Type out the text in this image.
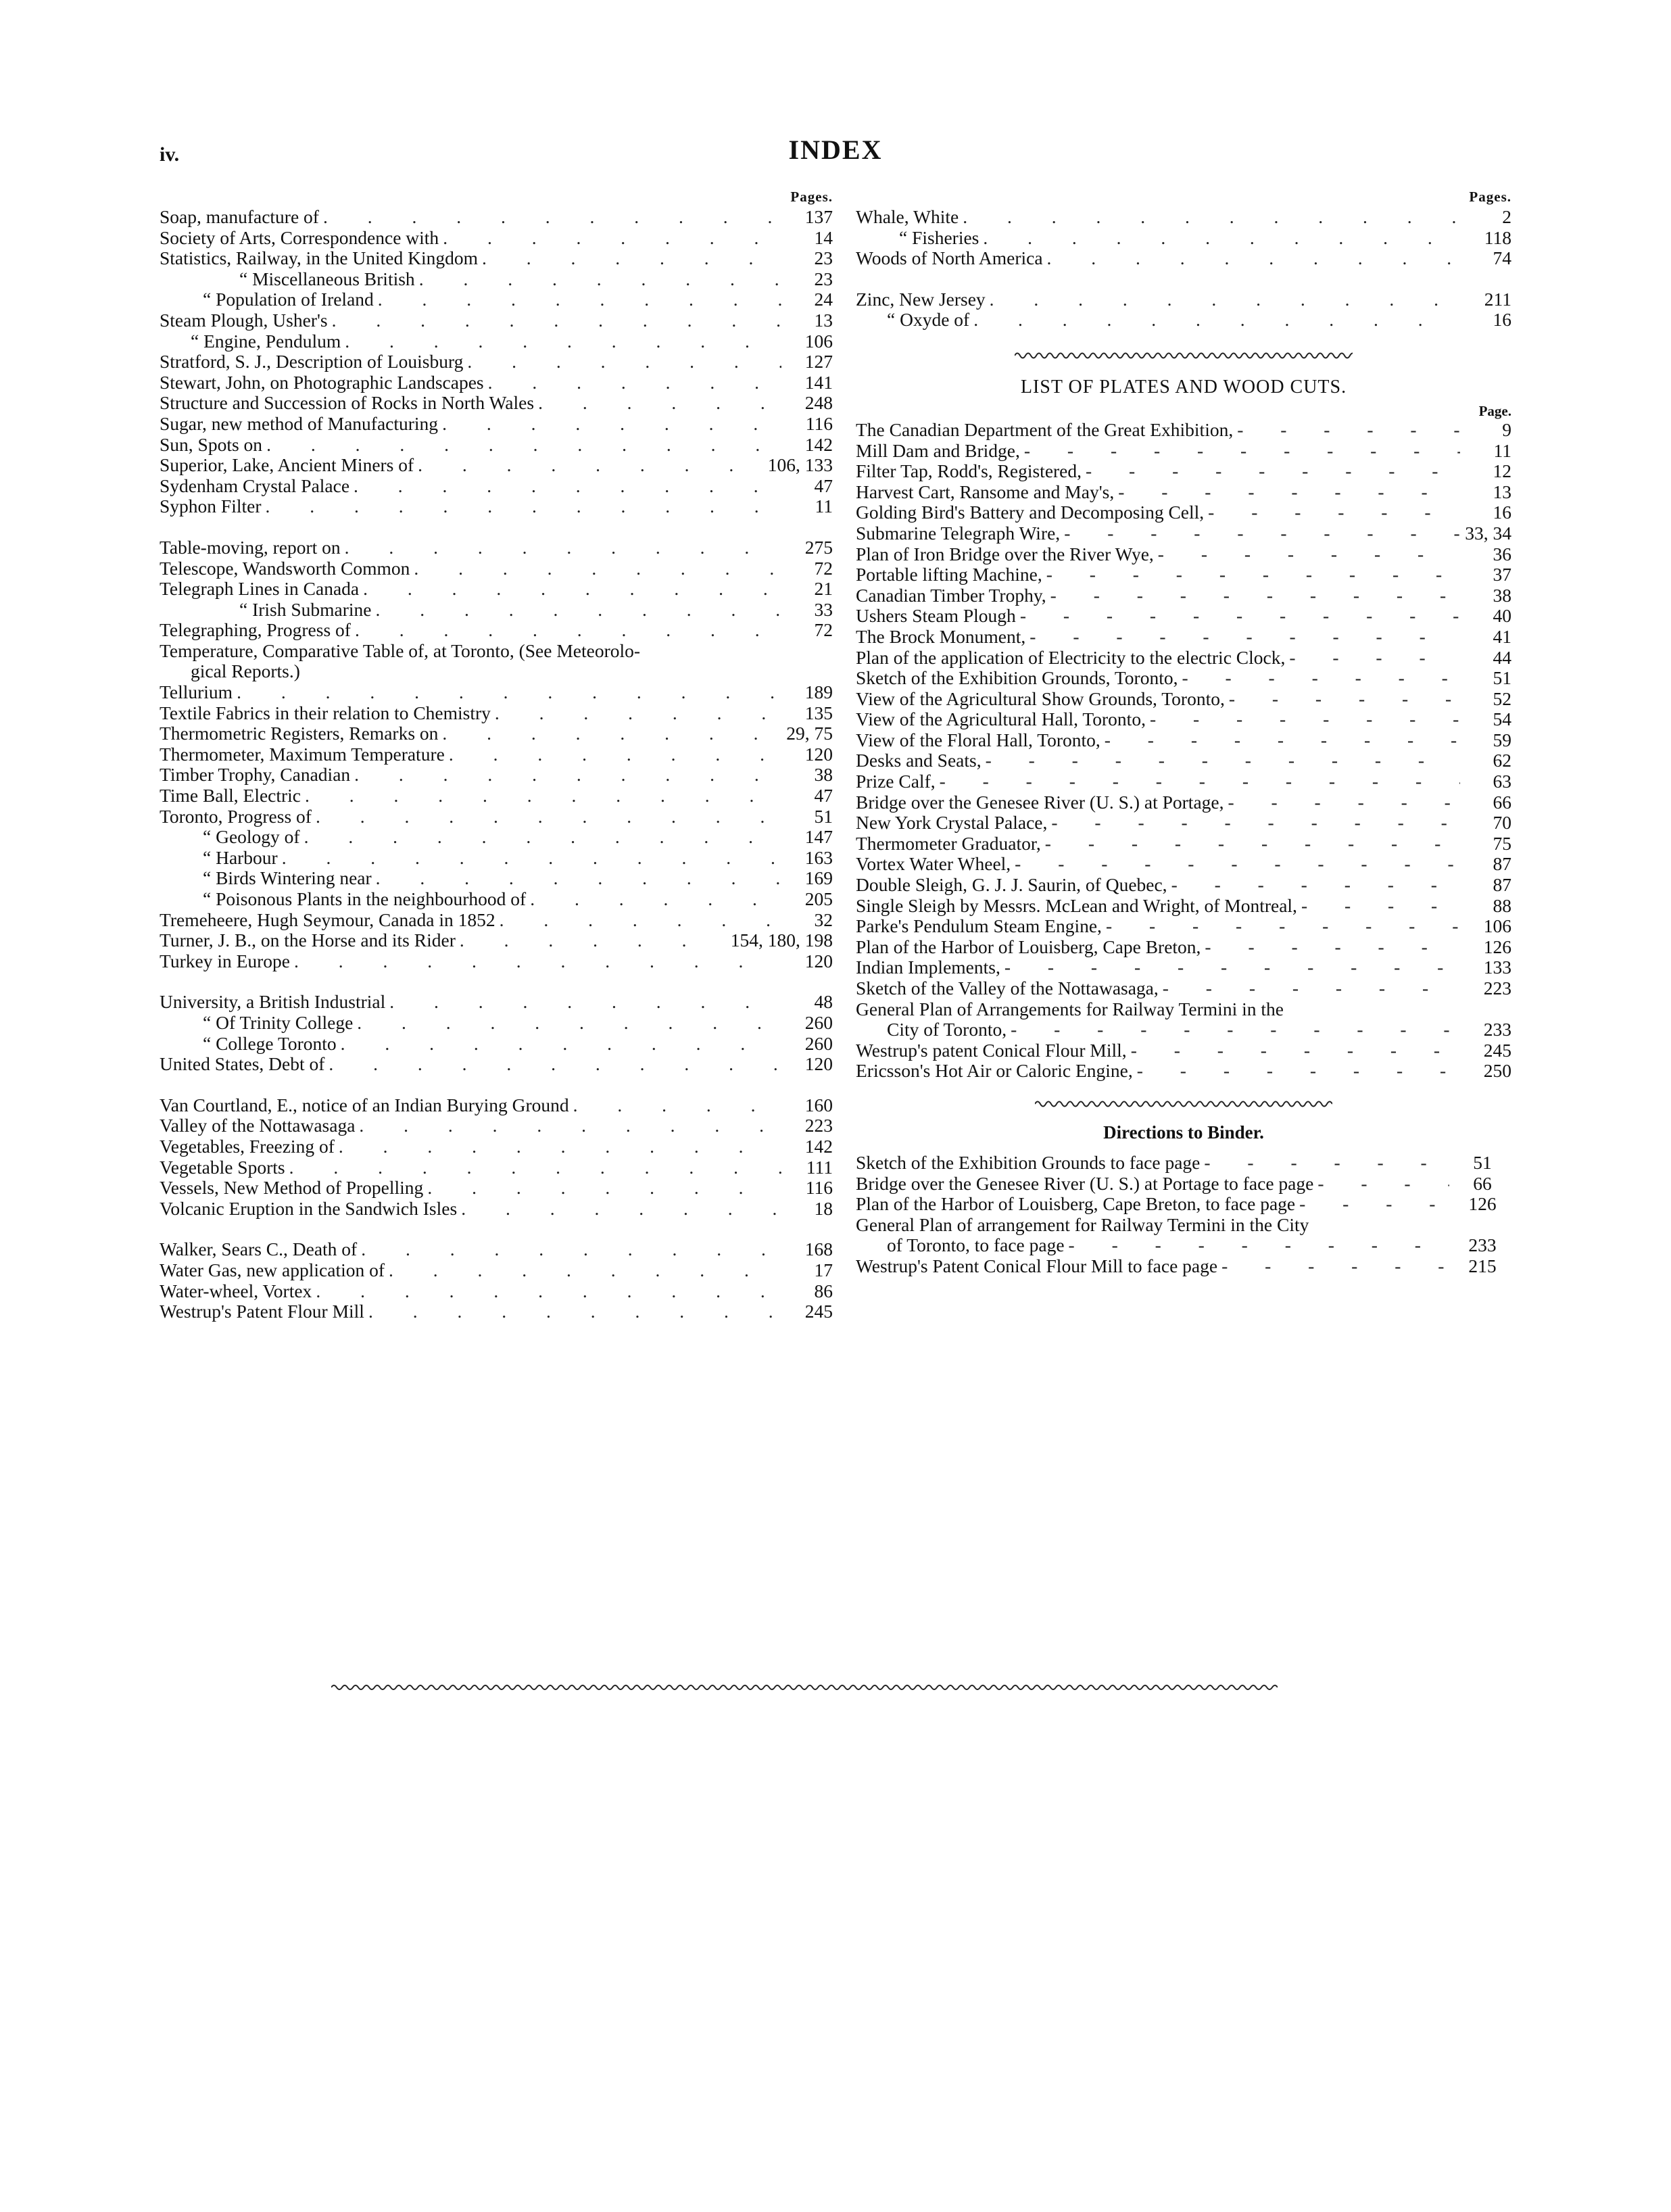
iv.	INDEX
Pages.
Soap, manufacture of . . .	137
Society of Arts, Correspondence with . . .	14
Statistics, Railway, in the United Kingdom . . .	23
“ Miscellaneous British . . .	23
“ Population of Ireland . . .	24
Steam Plough, Usher's . . .	13
“ Engine, Pendulum . . .	106
Stratford, S. J., Description of Louisburg . . .	127
Stewart, John, on Photographic Landscapes . . .	141
Structure and Succession of Rocks in North Wales . . .	248
Sugar, new method of Manufacturing . . .	116
Sun, Spots on . . .	142
Superior, Lake, Ancient Miners of . . .	106, 133
Sydenham Crystal Palace . . .	47
Syphon Filter . . .	11
Table-moving, report on . . .	275
Telescope, Wandsworth Common . . .	72
Telegraph Lines in Canada . . .	21
“ Irish Submarine . . .	33
Telegraphing, Progress of . . .	72
Temperature, Comparative Table of, at Toronto, (See Meteorolo-
gical Reports.)
Tellurium . . .	189
Textile Fabrics in their relation to Chemistry . . .	135
Thermometric Registers, Remarks on . . .	29, 75
Thermometer, Maximum Temperature . . .	120
Timber Trophy, Canadian . . .	38
Time Ball, Electric . . .	47
Toronto, Progress of . . .	51
“ Geology of . . .	147
“ Harbour . . .	163
“ Birds Wintering near . . .	169
“ Poisonous Plants in the neighbourhood of . . .	205
Tremeheere, Hugh Seymour, Canada in 1852 . . .	32
Turner, J. B., on the Horse and its Rider . . .	154, 180, 198
Turkey in Europe . . .	120
University, a British Industrial . . .	48
“ Of Trinity College . . .	260
“ College Toronto . . .	260
United States, Debt of . . .	120
Van Courtland, E., notice of an Indian Burying Ground . . .	160
Valley of the Nottawasaga . . .	223
Vegetables, Freezing of . . .	142
Vegetable Sports . . .	111
Vessels, New Method of Propelling . . .	116
Volcanic Eruption in the Sandwich Isles . . .	18
Walker, Sears C., Death of . . .	168
Water Gas, new application of . . .	17
Water-wheel, Vortex . . .	86
Westrup's Patent Flour Mill . . .	245
Pages.
Whale, White . . .	2
“ Fisheries . . .	118
Woods of North America . . .	74
Zinc, New Jersey . . .	211
“ Oxyde of . . .	16
LIST OF PLATES AND WOOD CUTS.
Page.
The Canadian Department of the Great Exhibition, - -	9
Mill Dam and Bridge, - -	11
Filter Tap, Rodd's, Registered, - -	12
Harvest Cart, Ransome and May's, - -	13
Golding Bird's Battery and Decomposing Cell, - -	16
Submarine Telegraph Wire, - -	33, 34
Plan of Iron Bridge over the River Wye, - -	36
Portable lifting Machine, - -	37
Canadian Timber Trophy, - -	38
Ushers Steam Plough - -	40
The Brock Monument, - -	41
Plan of the application of Electricity to the electric Clock, - -	44
Sketch of the Exhibition Grounds, Toronto, - -	51
View of the Agricultural Show Grounds, Toronto, - -	52
View of the Agricultural Hall, Toronto, - -	54
View of the Floral Hall, Toronto, - -	59
Desks and Seats, - -	62
Prize Calf, - -	63
Bridge over the Genesee River (U. S.) at Portage, - -	66
New York Crystal Palace, - -	70
Thermometer Graduator, - -	75
Vortex Water Wheel, - -	87
Double Sleigh, G. J. J. Saurin, of Quebec, - -	87
Single Sleigh by Messrs. McLean and Wright, of Montreal, - -	88
Parke's Pendulum Steam Engine, - -	106
Plan of the Harbor of Louisberg, Cape Breton, - -	126
Indian Implements, - -	133
Sketch of the Valley of the Nottawasaga, - -	223
General Plan of Arrangements for Railway Termini in the
City of Toronto, - -	233
Westrup's patent Conical Flour Mill, - -	245
Ericsson's Hot Air or Caloric Engine, - -	250
Directions to Binder.
Sketch of the Exhibition Grounds to face page - -	51
Bridge over the Genesee River (U. S.) at Portage to face page - -	66
Plan of the Harbor of Louisberg, Cape Breton, to face page - -	126
General Plan of arrangement for Railway Termini in the City
of Toronto, to face page - -	233
Westrup's Patent Conical Flour Mill to face page - -	215
